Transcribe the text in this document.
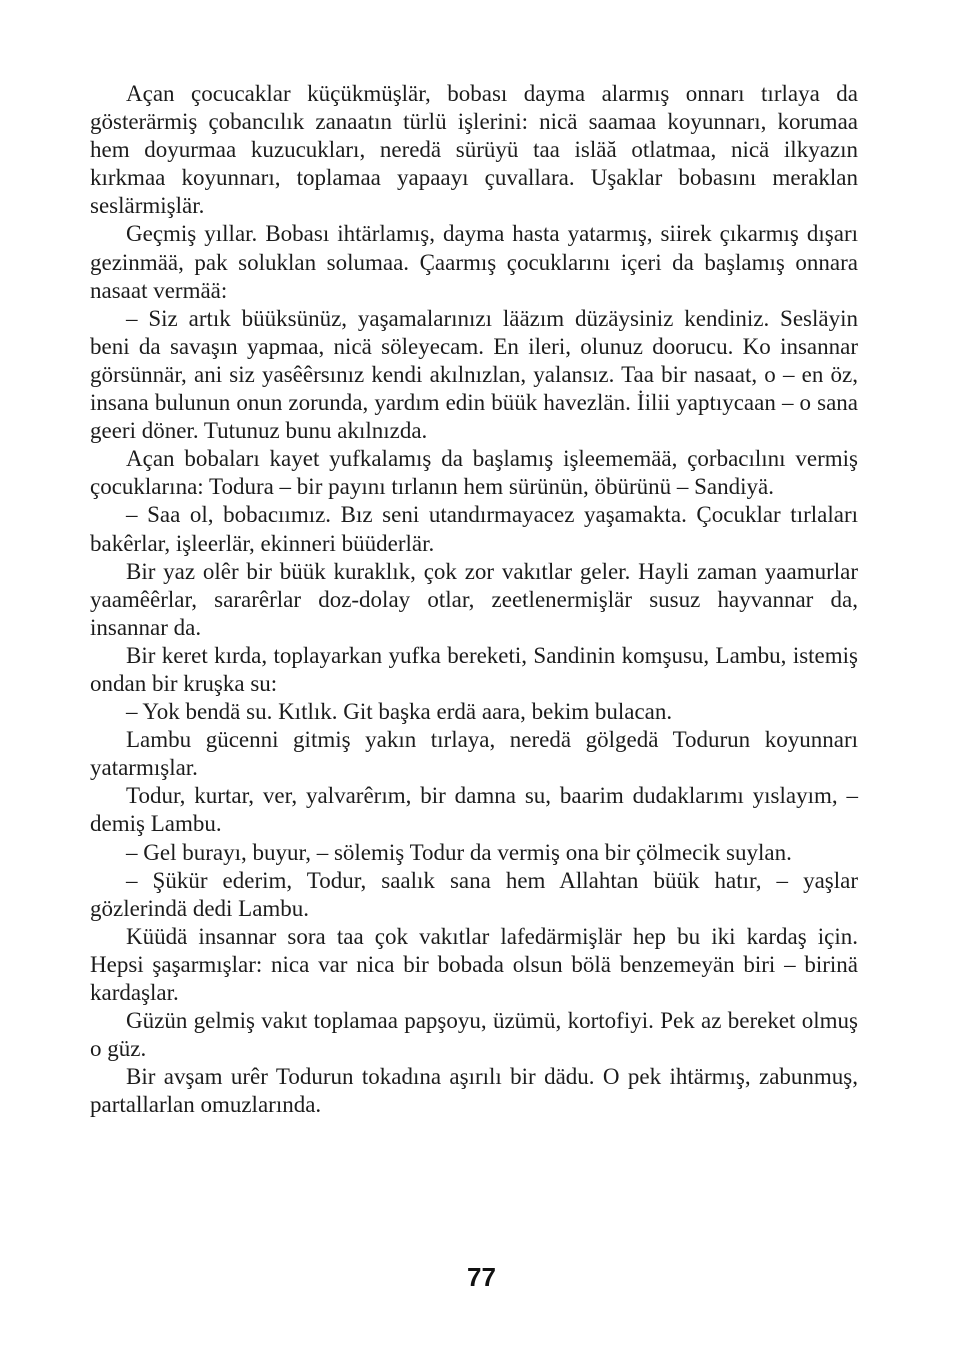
Açan çocucaklar küçükmüşlär, bobası dayma alarmış onnarı tırlaya da gösterärmiş çobancılık zanaatın türlü işlerini: nicä saamaa koyunnarı, korumaa hem doyurmaa kuzucukları, neredä sürüyü taa isläă otlatmaa, nicä ilkyazın kırkmaa koyunnarı, toplamaa yapaayı çuvallara. Uşaklar bobasını meraklan seslärmişlär.

Geçmiş yıllar. Bobası ihtärlamış, dayma hasta yatarmış, siirek çıkarmış dışarı gezinmää, pak soluklan solumaa. Çaarmış çocuklarını içeri da başlamış onnara nasaat vermää:

– Siz artık büüksünüz, yaşamalarınızı lääzım düzäysiniz kendiniz. Sesläyin beni da savaşın yapmaa, nicä söleyecam. En ileri, olunuz doorucu. Ko insannar görsünnär, ani siz yasêêrsınız kendi akılnızlan, yalansız. Taa bir nasaat, o – en öz, insana bulunun onun zorunda, yardım edin büük havezlän. İilii yaptıycaan – o sana geeri döner. Tutunuz bunu akılnızda.

Açan bobaları kayet yufkalamış da başlamış işleememää, çorbacılını vermiş çocuklarına: Todura – bir payını tırlanın hem sürünün, öbürünü – Sandiyä.

– Saa ol, bobacıımız. Bız seni utandırmayacez yaşamakta. Çocuklar tırlaları bakêrlar, işleerlär, ekinneri büüderlär.

Bir yaz olêr bir büük kuraklık, çok zor vakıtlar geler. Hayli zaman yaamurlar yaamêêrlar, sararêrlar doz-dolay otlar, zeetlenermişlär susuz hayvannar da, insannar da.

Bir keret kırda, toplayarkan yufka bereketi, Sandinin komşusu, Lambu, istemiş ondan bir kruşka su:

– Yok bendä su. Kıtlık. Git başka erdä aara, bekim bulacan.

Lambu gücenni gitmiş yakın tırlaya, neredä gölgedä Todurun koyunnarı yatarmışlar.

Todur, kurtar, ver, yalvarêrım, bir damna su, baarim dudaklarımı yıslayım, – demiş Lambu.

– Gel burayı, buyur, – sölemiş Todur da vermiş ona bir çölmecik suylan.

– Şükür ederim, Todur, saalık sana hem Allahtan büük hatır, – yaşlar gözlerindä dedi Lambu.

Küüdä insannar sora taa çok vakıtlar lafedärmişlär hep bu iki kardaş için. Hepsi şaşarmışlar: nica var nica bir bobada olsun bölä benzemeyän biri – birinä kardaşlar.

Güzün gelmiş vakıt toplamaa papşoyu, üzümü, kortofiyi. Pek az bereket olmuş o güz.

Bir avşam urêr Todurun tokadına aşırılı bir dädu. O pek ihtärmış, zabunmuş, partallarlan omuzlarında.

77
